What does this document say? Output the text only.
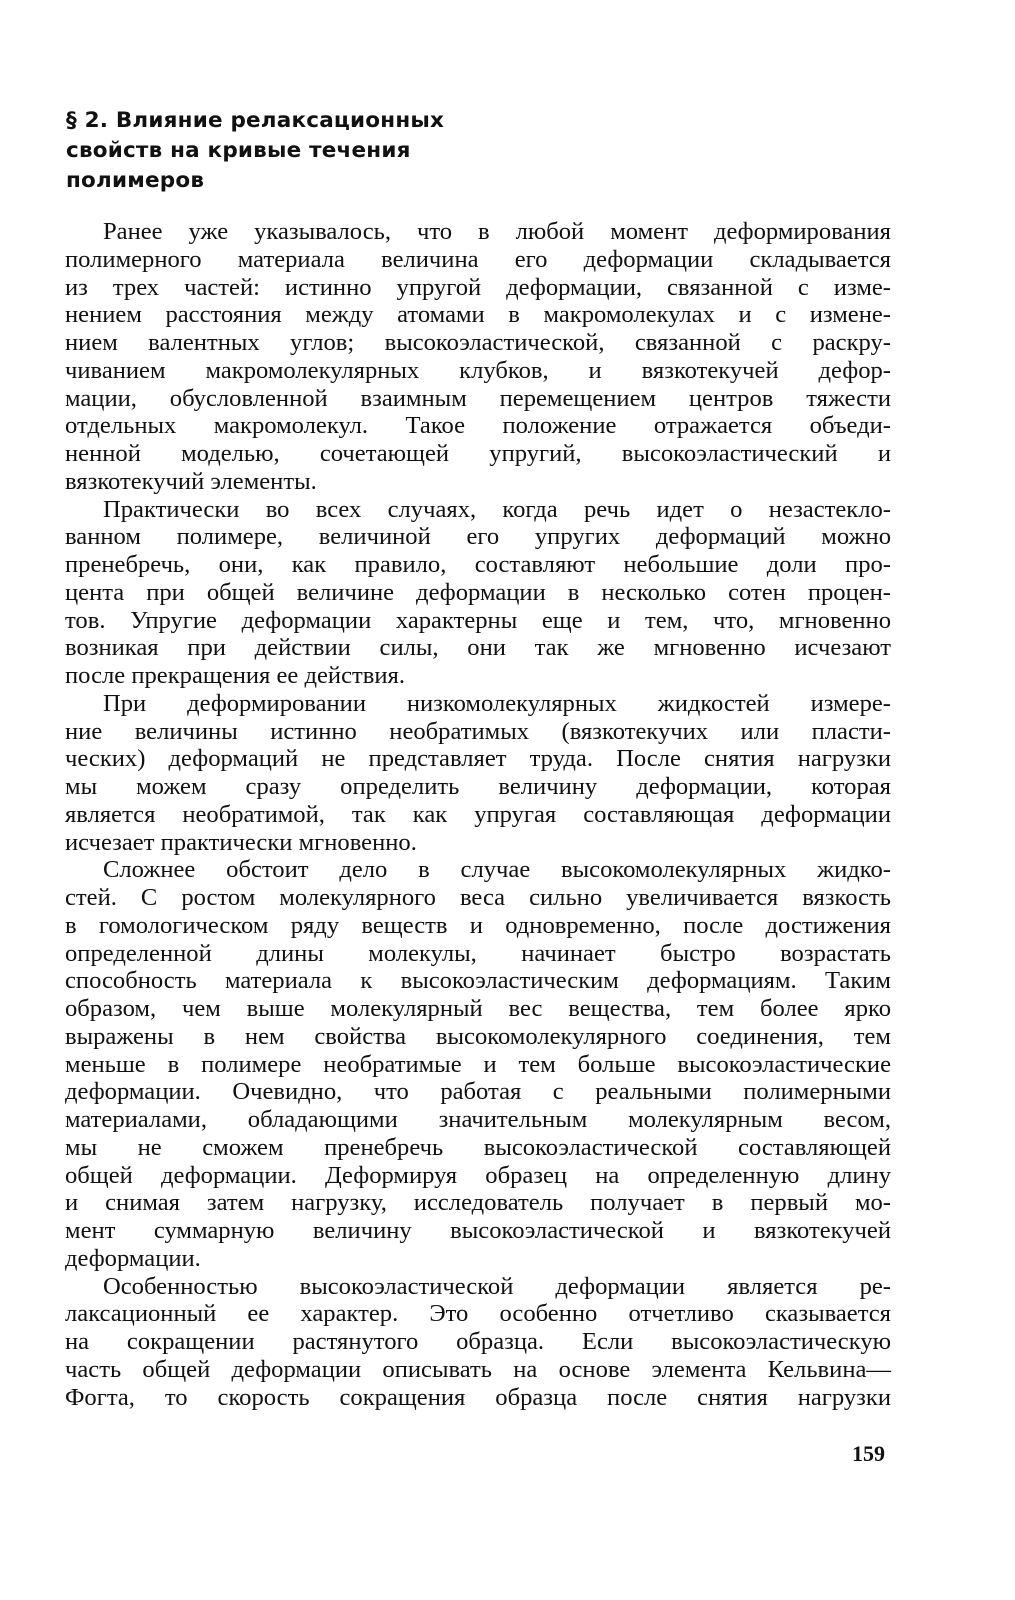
§ 2. Влияние релаксационных
свойств на кривые течения
полимеров
Ранее уже указывалось, что в любой момент деформирования
полимерного материала величина его деформации складывается
из трех частей: истинно упругой деформации, связанной с изме-
нением расстояния между атомами в макромолекулах и с измене-
нием валентных углов; высокоэластической, связанной с раскру-
чиванием макромолекулярных клубков, и вязкотекучей дефор-
мации, обусловленной взаимным перемещением центров тяжести
отдельных макромолекул. Такое положение отражается объеди-
ненной моделью, сочетающей упругий, высокоэластический и
вязкотекучий элементы.
Практически во всех случаях, когда речь идет о незастекло-
ванном полимере, величиной его упругих деформаций можно
пренебречь, они, как правило, составляют небольшие доли про-
цента при общей величине деформации в несколько сотен процен-
тов. Упругие деформации характерны еще и тем, что, мгновенно
возникая при действии силы, они так же мгновенно исчезают
после прекращения ее действия.
При деформировании низкомолекулярных жидкостей измере-
ние величины истинно необратимых (вязкотекучих или пласти-
ческих) деформаций не представляет труда. После снятия нагрузки
мы можем сразу определить величину деформации, которая
является необратимой, так как упругая составляющая деформации
исчезает практически мгновенно.
Сложнее обстоит дело в случае высокомолекулярных жидко-
стей. С ростом молекулярного веса сильно увеличивается вязкость
в гомологическом ряду веществ и одновременно, после достижения
определенной длины молекулы, начинает быстро возрастать
способность материала к высокоэластическим деформациям. Таким
образом, чем выше молекулярный вес вещества, тем более ярко
выражены в нем свойства высокомолекулярного соединения, тем
меньше в полимере необратимые и тем больше высокоэластические
деформации. Очевидно, что работая с реальными полимерными
материалами, обладающими значительным молекулярным весом,
мы не сможем пренебречь высокоэластической составляющей
общей деформации. Деформируя образец на определенную длину
и снимая затем нагрузку, исследователь получает в первый мо-
мент суммарную величину высокоэластической и вязкотекучей
деформации.
Особенностью высокоэластической деформации является ре-
лаксационный ее характер. Это особенно отчетливо сказывается
на сокращении растянутого образца. Если высокоэластическую
часть общей деформации описывать на основе элемента Кельвина—
Фогта, то скорость сокращения образца после снятия нагрузки
159
